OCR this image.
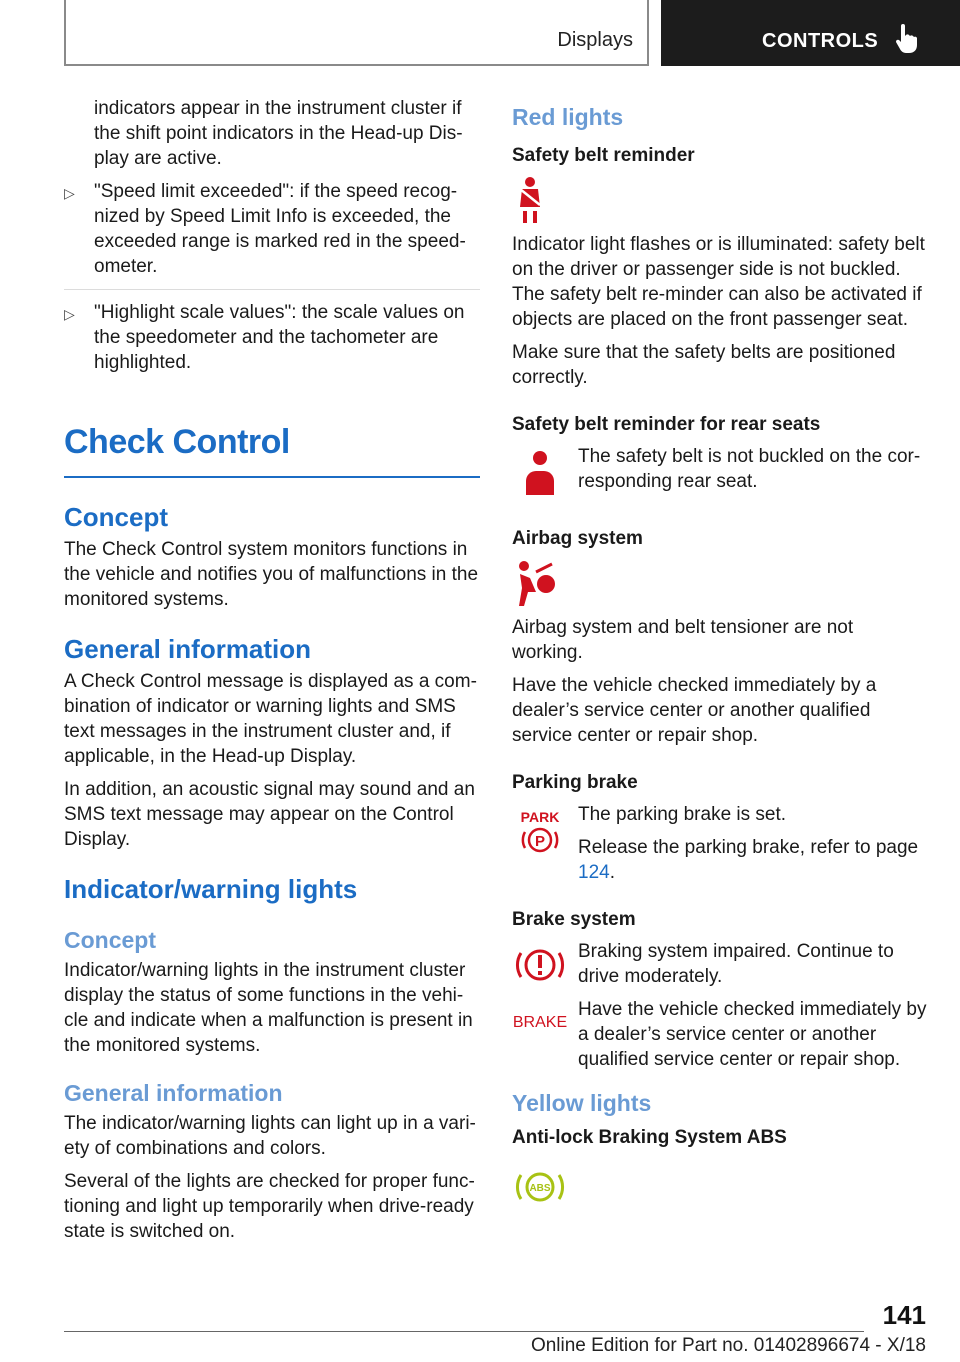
Displays	CONTROLS

indicators appear in the instrument cluster if the shift point indicators in the Head-up Dis-play are active.

▷ "Speed limit exceeded": if the speed recog-nized by Speed Limit Info is exceeded, the exceeded range is marked red in the speed-ometer.
▷ "Highlight scale values": the scale values on the speedometer and the tachometer are highlighted.
Check Control
Concept

The Check Control system monitors functions in the vehicle and notifies you of malfunctions in the monitored systems.

General information

A Check Control message is displayed as a com-bination of indicator or warning lights and SMS text messages in the instrument cluster and, if applicable, in the Head-up Display.

In addition, an acoustic signal may sound and an SMS text message may appear on the Control Display.

Indicator/warning lights
Concept

Indicator/warning lights in the instrument cluster display the status of some functions in the vehi-cle and indicate when a malfunction is present in the monitored systems.

General information

The indicator/warning lights can light up in a vari-ety of combinations and colors.

Several of the lights are checked for proper func-tioning and light up temporarily when drive-ready state is switched on.

Red lights
Safety belt reminder

Indicator light flashes or is illuminated: safety belt on the driver or passenger side is not buckled. The safety belt re-minder can also be activated if objects are placed on the front passenger seat.

Make sure that the safety belts are positioned correctly.

Safety belt reminder for rear seats

The safety belt is not buckled on the cor-responding rear seat.

Airbag system

Airbag system and belt tensioner are not working.

Have the vehicle checked immediately by a dealer’s service center or another qualified service center or repair shop.

Parking brake
PARK
P

The parking brake is set.

Release the parking brake, refer to page 124.

Brake system
BRAKE

Braking system impaired. Continue to drive moderately.

Have the vehicle checked immediately by a dealer’s service center or another qualified service center or repair shop.

Yellow lights
Anti-lock Braking System ABS
ABS
141
Online Edition for Part no. 01402896674 - X/18
